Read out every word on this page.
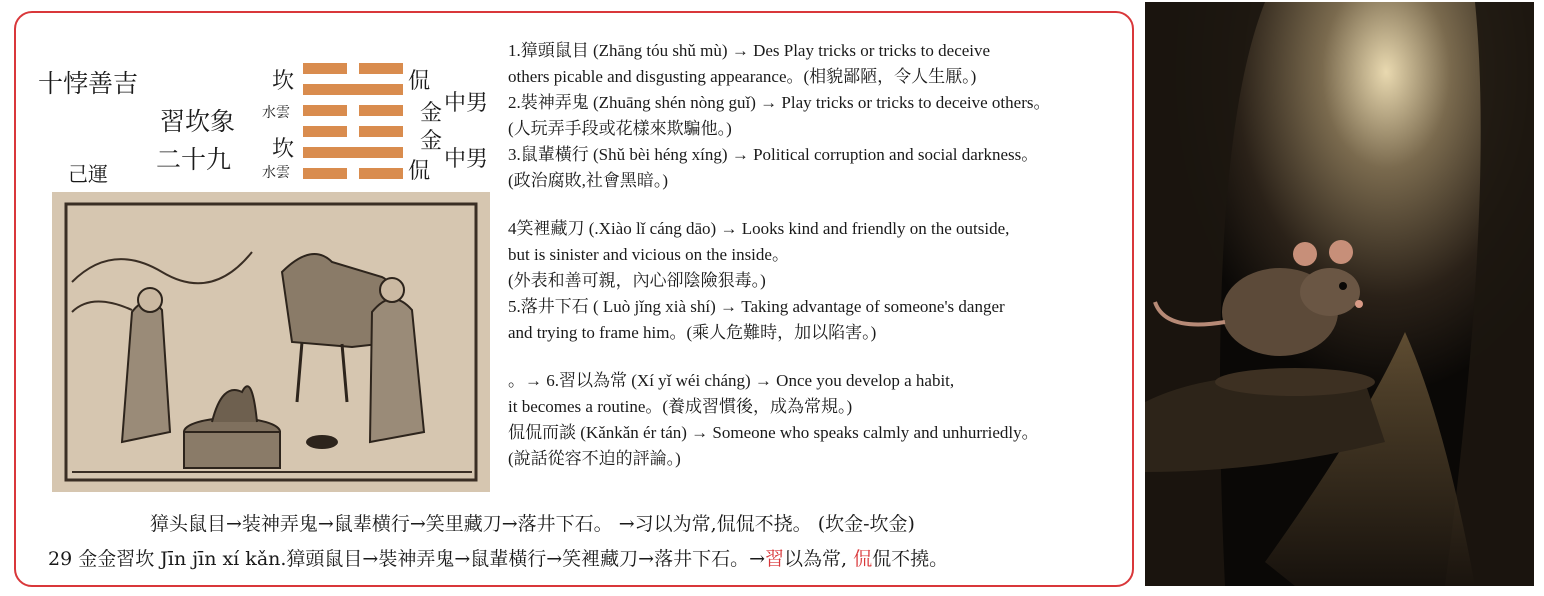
十悖善吉
習坎象
二十九
己運
坎
水雲
坎
水雲
侃
金
金
侃
中男
中男
1.獐頭鼠目 (Zhāng tóu shǔ mù) → Des Play tricks or tricks to deceive
others picable and disgusting appearance。(相貌鄙陋，令人生厭。)
2.裝神弄鬼 (Zhuāng shén nòng guǐ) → Play tricks or tricks to deceive others。
(人玩弄手段或花樣來欺騙他。)
3.鼠輩橫行 (Shǔ bèi héng xíng) → Political corruption and social darkness。
(政治腐敗,社會黑暗。)
4笑裡藏刀 (.Xiào lǐ cáng dāo) → Looks kind and friendly on the outside,
but is sinister and vicious on the inside。
(外表和善可親，內心卻陰險狠毒。)
5.落井下石 ( Luò jǐng xià shí) → Taking advantage of someone's danger
and trying to frame him。(乘人危難時，加以陷害。)
。→ 6.習以為常 (Xí yǐ wéi cháng) → Once you develop a habit,
it becomes a routine。(養成習慣後，成為常規。)
侃侃而談 (Kǎnkǎn ér tán) → Someone who speaks calmly and unhurriedly。
(說話從容不迫的評論。)
獐头鼠目→装神弄鬼→鼠辈横行→笑里藏刀→落井下石。 →习以为常,侃侃不挠。 (坎金-坎金)
29 金金習坎 Jīn jīn xí kǎn.獐頭鼠目→裝神弄鬼→鼠輩橫行→笑裡藏刀→落井下石。→習以為常, 侃侃不撓。
